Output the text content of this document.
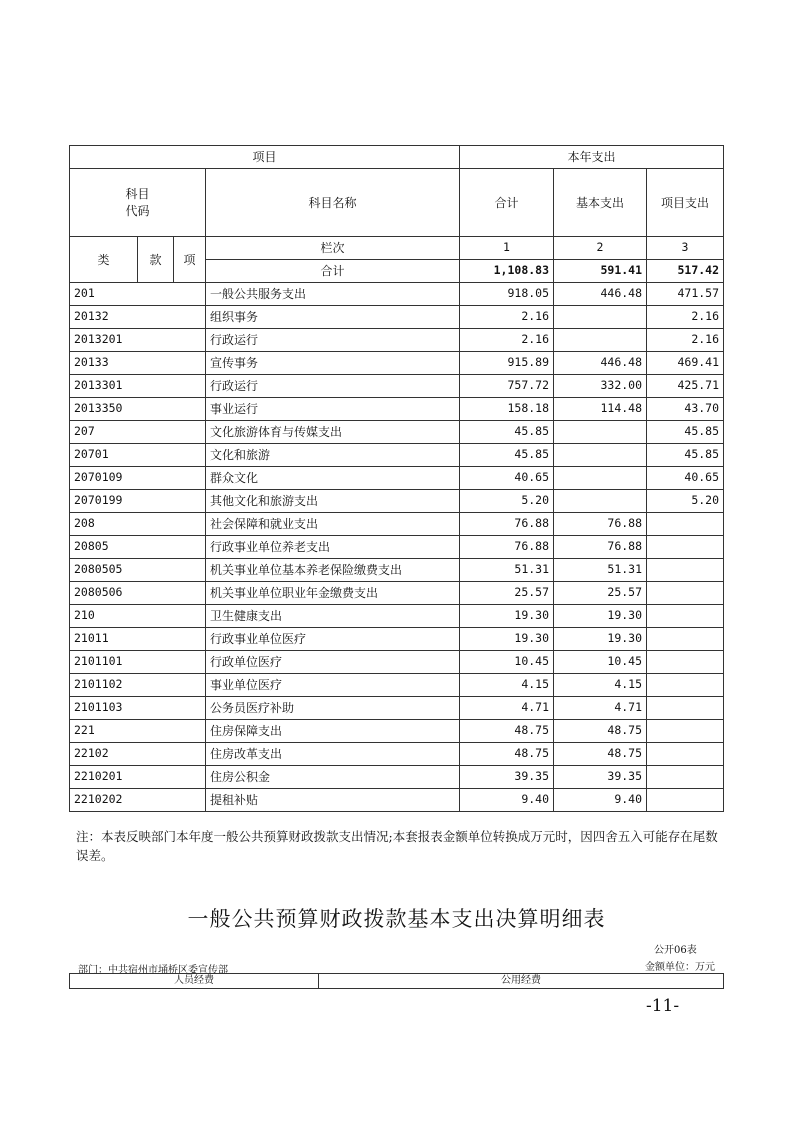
项目				本年支出		
科目
代码			科目名称	合计	基本支出	项目支出
类	款	项	栏次	1	2	3
			合计	1,108.83	591.41	517.42
201			一般公共服务支出	918.05	446.48	471.57
20132			组织事务	2.16		2.16
2013201			行政运行	2.16		2.16
20133			宣传事务	915.89	446.48	469.41
2013301			行政运行	757.72	332.00	425.71
2013350			事业运行	158.18	114.48	43.70
207			文化旅游体育与传媒支出	45.85		45.85
20701			文化和旅游	45.85		45.85
2070109			群众文化	40.65		40.65
2070199			其他文化和旅游支出	5.20		5.20
208			社会保障和就业支出	76.88	76.88	
20805			行政事业单位养老支出	76.88	76.88	
2080505			机关事业单位基本养老保险缴费支出	51.31	51.31	
2080506			机关事业单位职业年金缴费支出	25.57	25.57	
210			卫生健康支出	19.30	19.30	
21011			行政事业单位医疗	19.30	19.30	
2101101			行政单位医疗	10.45	10.45	
2101102			事业单位医疗	4.15	4.15	
2101103			公务员医疗补助	4.71	4.71	
221			住房保障支出	48.75	48.75	
22102			住房改革支出	48.75	48.75	
2210201			住房公积金	39.35	39.35	
2210202			提租补贴	9.40	9.40	
注：本表反映部门本年度一般公共预算财政拨款支出情况;本套报表金额单位转换成万元时，因四舍五入可能存在尾数误差。
一般公共预算财政拨款基本支出决算明细表
公开06表
金额单位：万元
部门：中共宿州市埇桥区委宣传部
人员经费	公用经费
-11-
